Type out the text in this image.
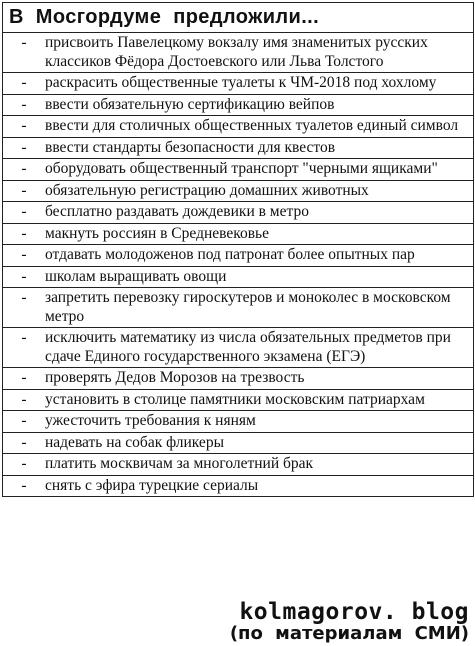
В Мосгордуме предложили...
-	присвоить Павелецкому вокзалу имя знаменитых русских классиков Фёдора Достоевского или Льва Толстого
-	раскрасить общественные туалеты к ЧМ-2018 под хохлому
-	ввести обязательную сертификацию вейпов
-	ввести для столичных общественных туалетов единый символ
-	ввести стандарты безопасности для квестов
-	оборудовать общественный транспорт "черными ящиками"
-	обязательную регистрацию домашних животных
-	бесплатно раздавать дождевики в метро
-	макнуть россиян в Средневековье
-	отдавать молодоженов под патронат более опытных пар
-	школам выращивать овощи
-	запретить перевозку гироскутеров и моноколес в московском метро
-	исключить математику из числа обязательных предметов при сдаче Единого государственного экзамена (ЕГЭ)
-	проверять Дедов Морозов на трезвость
-	установить в столице памятники московским патриархам
-	ужесточить требования к няням
-	надевать на собак фликеры
-	платить москвичам за многолетний брак
-	снять с эфира турецкие сериалы
kolmagorov. blog
(по материалам СМИ)
